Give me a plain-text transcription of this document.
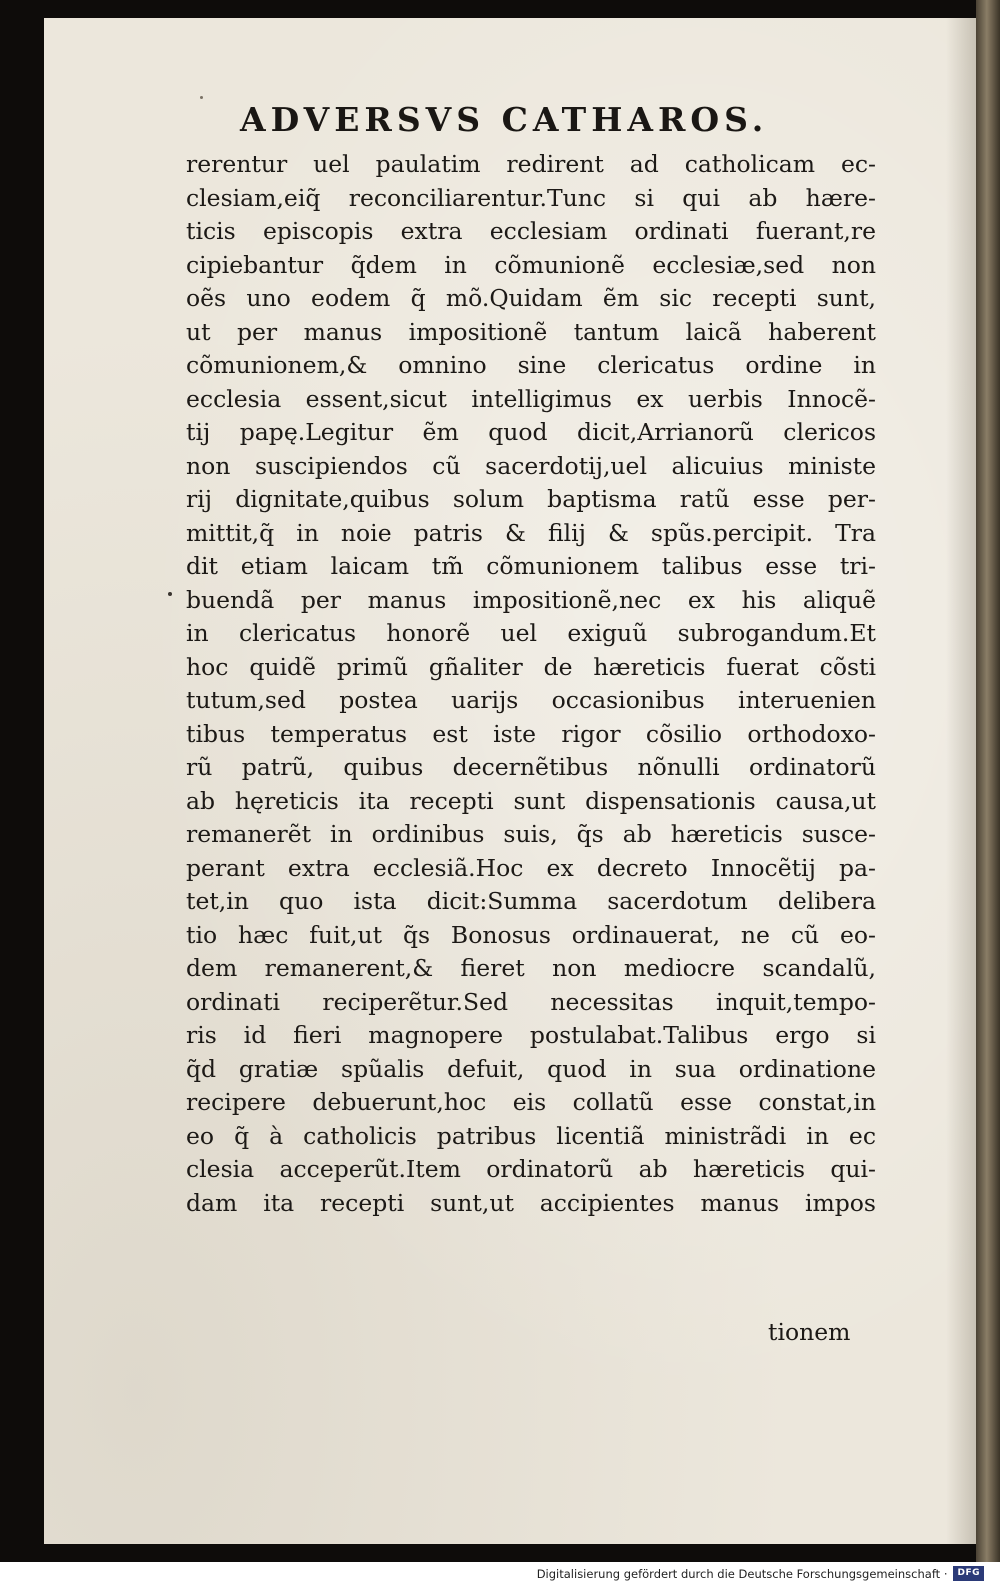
ADVERSVS CATHAROS.
rerentur uel paulatim redirent ad catholicam ec-
clesiam,eiq̃ reconciliarentur.Tunc si qui ab hære-
ticis episcopis extra ecclesiam ordinati fuerant,re
cipiebantur q̃dem in cõmunionẽ ecclesiæ,sed non
oẽs uno eodem q̃ mõ.Quidam ẽm sic recepti sunt,
ut per manus impositionẽ tantum laicã haberent
cõmunionem,& omnino sine clericatus ordine in
ecclesia essent,sicut intelligimus ex uerbis Innocẽ-
tij papę.Legitur ẽm quod dicit,Arrianorũ clericos
non suscipiendos cũ sacerdotij,uel alicuius ministe
rij dignitate,quibus solum baptisma ratũ esse per-
mittit,q̃ in noie patris & filij & spũs.percipit. Tra
dit etiam laicam tm̃ cõmunionem talibus esse tri-
buendã per manus impositionẽ,nec ex his aliquẽ
in clericatus honorẽ uel exiguũ subrogandum.Et
hoc quidẽ primũ gñaliter de hæreticis fuerat cõsti
tutum,sed postea uarijs occasionibus interuenien
tibus temperatus est iste rigor cõsilio orthodoxo-
rũ patrũ, quibus decernẽtibus nõnulli ordinatorũ
ab hęreticis ita recepti sunt dispensationis causa,ut
remanerẽt in ordinibus suis, q̃s ab hæreticis susce-
perant extra ecclesiã.Hoc ex decreto Innocẽtij pa-
tet,in quo ista dicit:Summa sacerdotum delibera
tio hæc fuit,ut q̃s Bonosus ordinauerat, ne cũ eo-
dem remanerent,& fieret non mediocre scandalũ,
ordinati reciperẽtur.Sed necessitas inquit,tempo-
ris id fieri magnopere postulabat.Talibus ergo si
q̃d gratiæ spũalis defuit, quod in sua ordinatione
recipere debuerunt,hoc eis collatũ esse constat,in
eo q̃ à catholicis patribus licentiã ministrãdi in ec
clesia acceperũt.Item ordinatorũ ab hæreticis qui-
dam ita recepti sunt,ut accipientes manus impos
tionem
Digitalisierung gefördert durch die Deutsche Forschungsgemeinschaft ·	DFG
